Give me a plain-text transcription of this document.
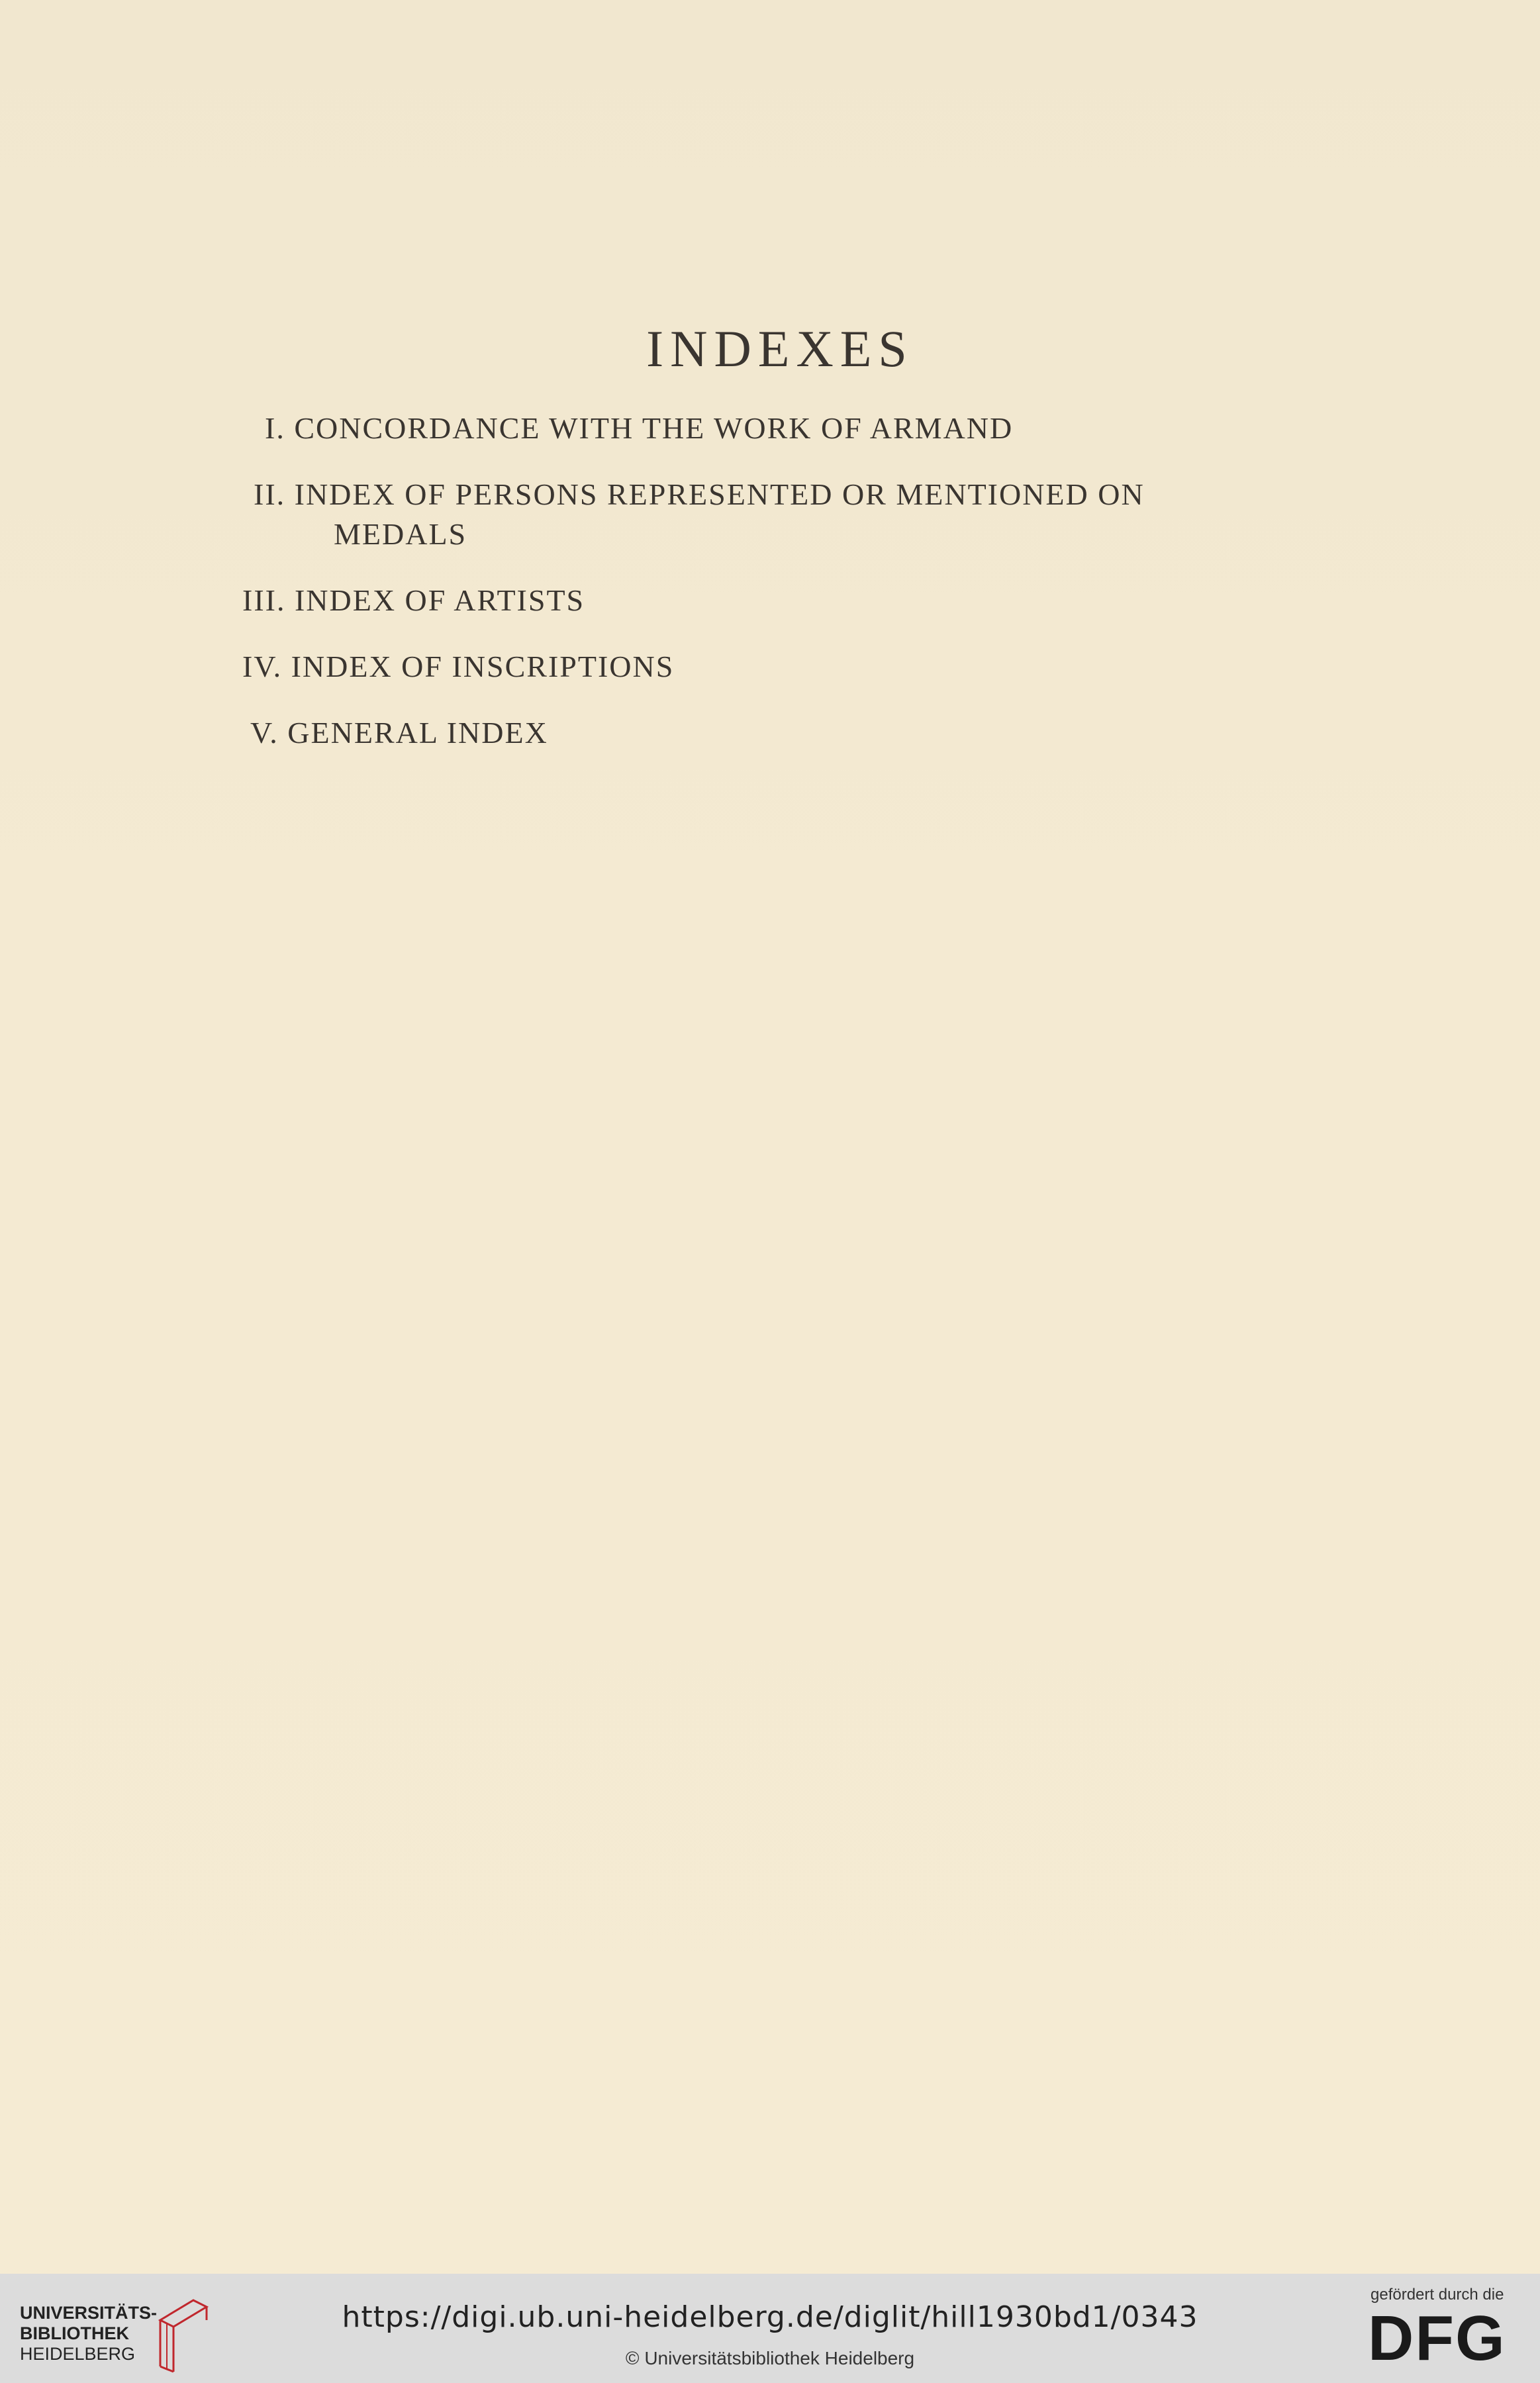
INDEXES
I. CONCORDANCE WITH THE WORK OF ARMAND
II. INDEX OF PERSONS REPRESENTED OR MENTIONED ON
MEDALS
III. INDEX OF ARTISTS
IV. INDEX OF INSCRIPTIONS
V. GENERAL INDEX
UNIVERSITÄTS-
BIBLIOTHEK
HEIDELBERG
https://digi.ub.uni-heidelberg.de/diglit/hill1930bd1/0343
© Universitätsbibliothek Heidelberg
gefördert durch die
DFG
